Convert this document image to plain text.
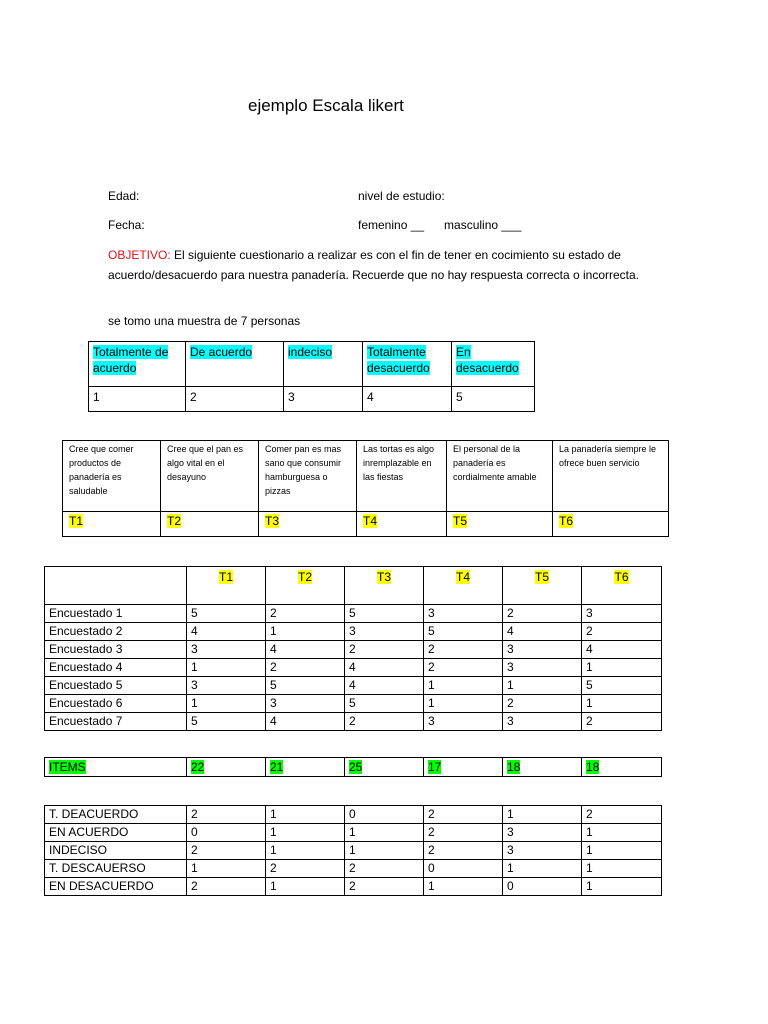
ejemplo Escala likert
Edad:	nivel de estudio:
Fecha:	femenino __      masculino ___
OBJETIVO: El siguiente cuestionario a realizar es con el fin de tener en cocimiento su estado de acuerdo/desacuerdo para nuestra panadería. Recuerde que no hay respuesta correcta o incorrecta.
se tomo una muestra de 7 personas
Totalmente de acuerdo	De acuerdo	indeciso	Totalmente desacuerdo	En desacuerdo
1	2	3	4	5
Cree que comer productos de panadería es saludable	Cree que el pan es algo vital en el desayuno	Comer pan es mas sano que consumir hamburguesa o pizzas	Las tortas es algo inremplazable en las fiestas	El personal de la panadería es cordialmente amable	La panadería siempre le ofrece buen servicio
T1	T2	T3	T4	T5	T6
	T1	T2	T3	T4	T5	T6
Encuestado 1	5	2	5	3	2	3
Encuestado 2	4	1	3	5	4	2
Encuestado 3	3	4	2	2	3	4
Encuestado 4	1	2	4	2	3	1
Encuestado 5	3	5	4	1	1	5
Encuestado 6	1	3	5	1	2	1
Encuestado 7	5	4	2	3	3	2
ITEMS	22	21	25	17	18	18
T. DEACUERDO	2	1	0	2	1	2
EN ACUERDO	0	1	1	2	3	1
INDECISO	2	1	1	2	3	1
T. DESCAUERSO	1	2	2	0	1	1
EN DESACUERDO	2	1	2	1	0	1
